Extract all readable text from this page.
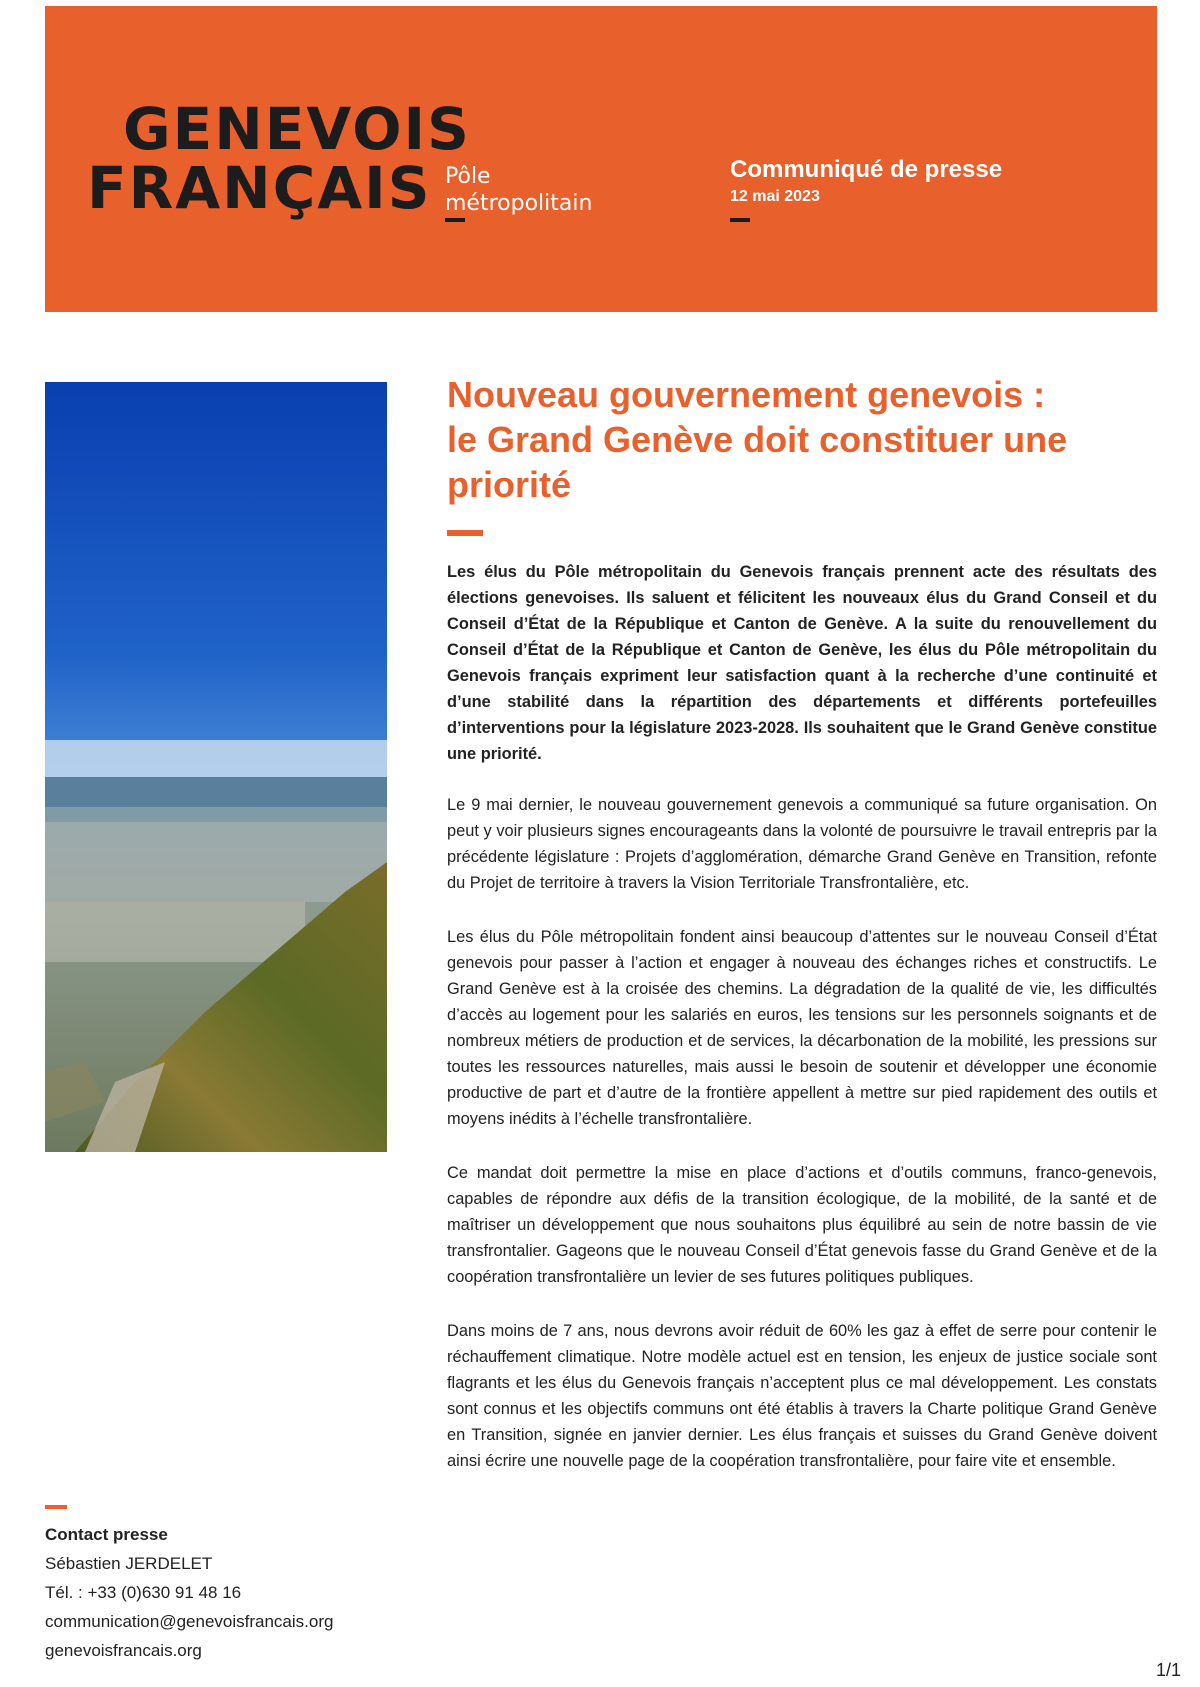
GENEVOIS
FRANÇAIS Pôle
métropolitain
Communiqué de presse
12 mai 2023
Nouveau gouvernement genevois :
le Grand Genève doit constituer une
priorité

Les élus du Pôle métropolitain du Genevois français prennent acte des résultats des élections genevoises. Ils saluent et félicitent les nouveaux élus du Grand Conseil et du Conseil d’État de la République et Canton de Genève. A la suite du renouvellement du Conseil d’État de la République et Canton de Genève, les élus du Pôle métropolitain du Genevois français expriment leur satisfaction quant à la recherche d’une continuité et d’une stabilité dans la répartition des départements et différents portefeuilles d’interventions pour la législature 2023-2028. Ils souhaitent que le Grand Genève constitue une priorité.

Le 9 mai dernier, le nouveau gouvernement genevois a communiqué sa future organisation. On peut y voir plusieurs signes encourageants dans la volonté de poursuivre le travail entrepris par la précédente législature : Projets d’agglomération, démarche Grand Genève en Transition, refonte du Projet de territoire à travers la Vision Territoriale Transfrontalière, etc.

Les élus du Pôle métropolitain fondent ainsi beaucoup d’attentes sur le nouveau Conseil d’État genevois pour passer à l’action et engager à nouveau des échanges riches et constructifs. Le Grand Genève est à la croisée des chemins. La dégradation de la qualité de vie, les difficultés d’accès au logement pour les salariés en euros, les tensions sur les personnels soignants et de nombreux métiers de production et de services, la décarbonation de la mobilité, les pressions sur toutes les ressources naturelles, mais aussi le besoin de soutenir et développer une économie productive de part et d’autre de la frontière appellent à mettre sur pied rapidement des outils et moyens inédits à l’échelle transfrontalière.

Ce mandat doit permettre la mise en place d’actions et d’outils communs, franco-genevois, capables de répondre aux défis de la transition écologique, de la mobilité, de la santé et de maîtriser un développement que nous souhaitons plus équilibré au sein de notre bassin de vie transfrontalier. Gageons que le nouveau Conseil d’État genevois fasse du Grand Genève et de la coopération transfrontalière un levier de ses futures politiques publiques.

Dans moins de 7 ans, nous devrons avoir réduit de 60% les gaz à effet de serre pour contenir le réchauffement climatique. Notre modèle actuel est en tension, les enjeux de justice sociale sont flagrants et les élus du Genevois français n’acceptent plus ce mal développement. Les constats sont connus et les objectifs communs ont été établis à travers la Charte politique Grand Genève en Transition, signée en janvier dernier. Les élus français et suisses du Grand Genève doivent ainsi écrire une nouvelle page de la coopération transfrontalière, pour faire vite et ensemble.

Contact presse
Sébastien JERDELET
Tél. : +33 (0)630 91 48 16
communication@genevoisfrancais.org
genevoisfrancais.org
1/1
